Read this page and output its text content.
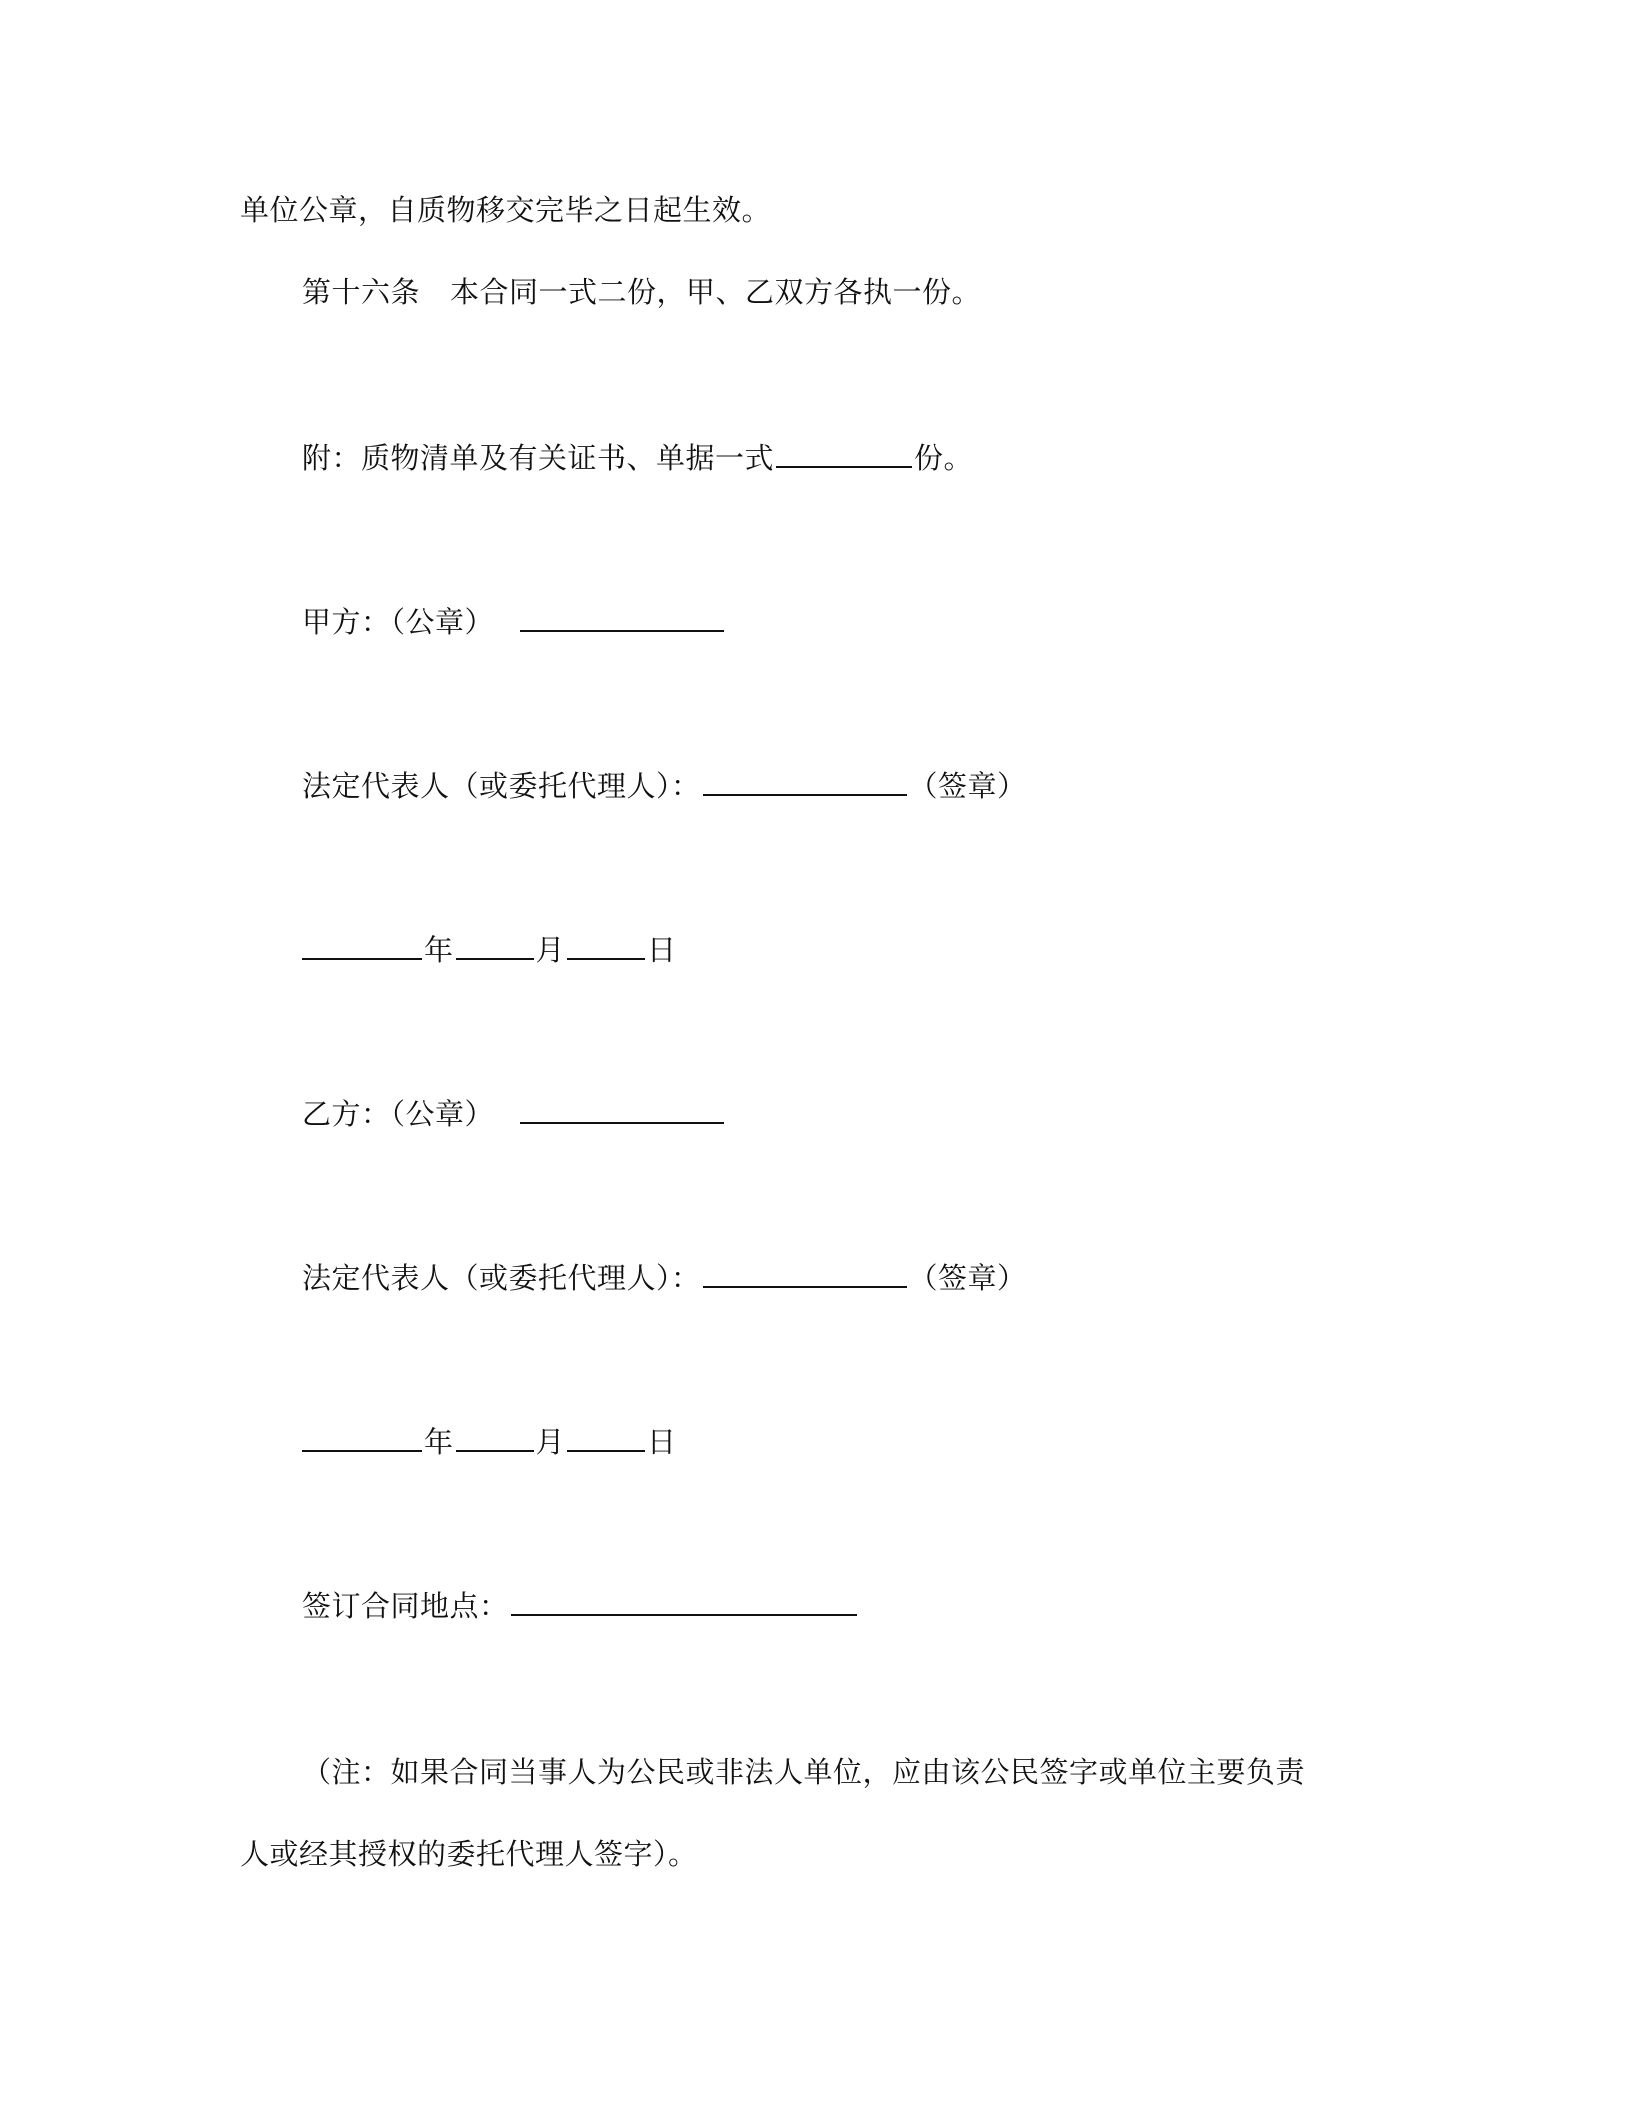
单位公章，自质物移交完毕之日起生效。
第十六条 本合同一式二份，甲、乙双方各执一份。
附：质物清单及有关证书、单据一式	份。
甲方：（公章）
法定代表人（或委托代理人）：	（签章）
年	月	日
乙方：（公章）
法定代表人（或委托代理人）：	（签章）
年	月	日
签订合同地点：
（注：如果合同当事人为公民或非法人单位，应由该公民签字或单位主要负责
人或经其授权的委托代理人签字）。
